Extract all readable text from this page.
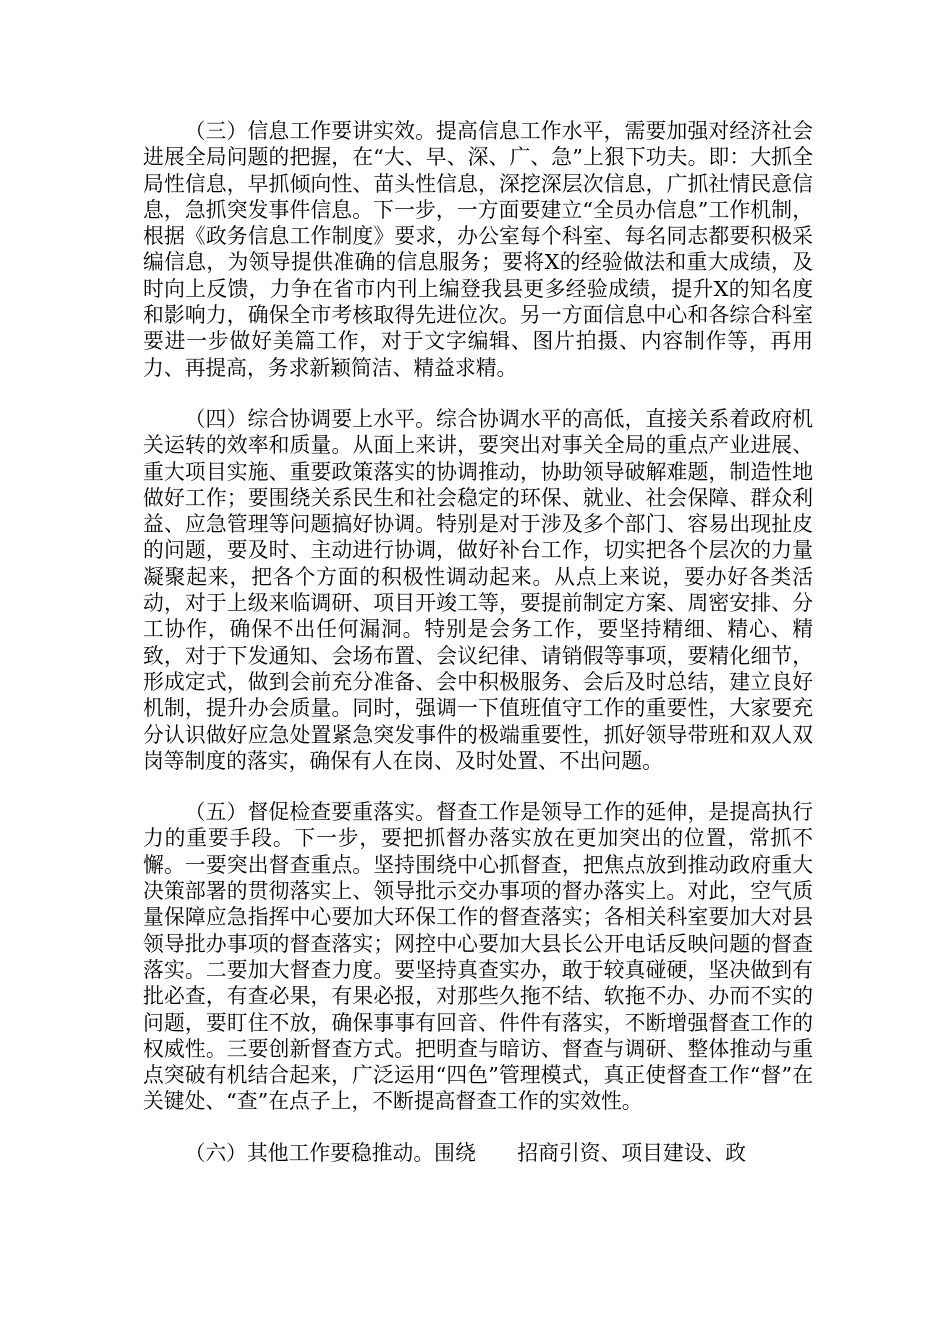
（三）信息工作要讲实效。提高信息工作水平，需要加强对经济社会进展全局问题的把握，在“大、早、深、广、急”上狠下功夫。即：大抓全局性信息，早抓倾向性、苗头性信息，深挖深层次信息，广抓社情民意信息，急抓突发事件信息。下一步，一方面要建立“全员办信息”工作机制，根据《政务信息工作制度》要求，办公室每个科室、每名同志都要积极采编信息，为领导提供准确的信息服务；要将X的经验做法和重大成绩，及时向上反馈，力争在省市内刊上编登我县更多经验成绩，提升X的知名度和影响力，确保全市考核取得先进位次。另一方面信息中心和各综合科室要进一步做好美篇工作，对于文字编辑、图片拍摄、内容制作等，再用力、再提高，务求新颖简洁、精益求精。

（四）综合协调要上水平。综合协调水平的高低，直接关系着政府机关运转的效率和质量。从面上来讲，要突出对事关全局的重点产业进展、重大项目实施、重要政策落实的协调推动，协助领导破解难题，制造性地做好工作；要围绕关系民生和社会稳定的环保、就业、社会保障、群众利益、应急管理等问题搞好协调。特别是对于涉及多个部门、容易出现扯皮的问题，要及时、主动进行协调，做好补台工作，切实把各个层次的力量凝聚起来，把各个方面的积极性调动起来。从点上来说，要办好各类活动，对于上级来临调研、项目开竣工等，要提前制定方案、周密安排、分工协作，确保不出任何漏洞。特别是会务工作，要坚持精细、精心、精致，对于下发通知、会场布置、会议纪律、请销假等事项，要精化细节，形成定式，做到会前充分准备、会中积极服务、会后及时总结，建立良好机制，提升办会质量。同时，强调一下值班值守工作的重要性，大家要充分认识做好应急处置紧急突发事件的极端重要性，抓好领导带班和双人双岗等制度的落实，确保有人在岗、及时处置、不出问题。

（五）督促检查要重落实。督查工作是领导工作的延伸，是提高执行力的重要手段。下一步，要把抓督办落实放在更加突出的位置，常抓不懈。一要突出督查重点。坚持围绕中心抓督查，把焦点放到推动政府重大决策部署的贯彻落实上、领导批示交办事项的督办落实上。对此，空气质量保障应急指挥中心要加大环保工作的督查落实；各相关科室要加大对县领导批办事项的督查落实；网控中心要加大县长公开电话反映问题的督查落实。二要加大督查力度。要坚持真查实办，敢于较真碰硬，坚决做到有批必查，有查必果，有果必报，对那些久拖不结、软拖不办、办而不实的问题，要盯住不放，确保事事有回音、件件有落实，不断增强督查工作的权威性。三要创新督查方式。把明查与暗访、督查与调研、整体推动与重点突破有机结合起来，广泛运用“四色”管理模式，真正使督查工作“督”在关键处、“查”在点子上，不断提高督查工作的实效性。

（六）其他工作要稳推动。围绕　　招商引资、项目建设、政
